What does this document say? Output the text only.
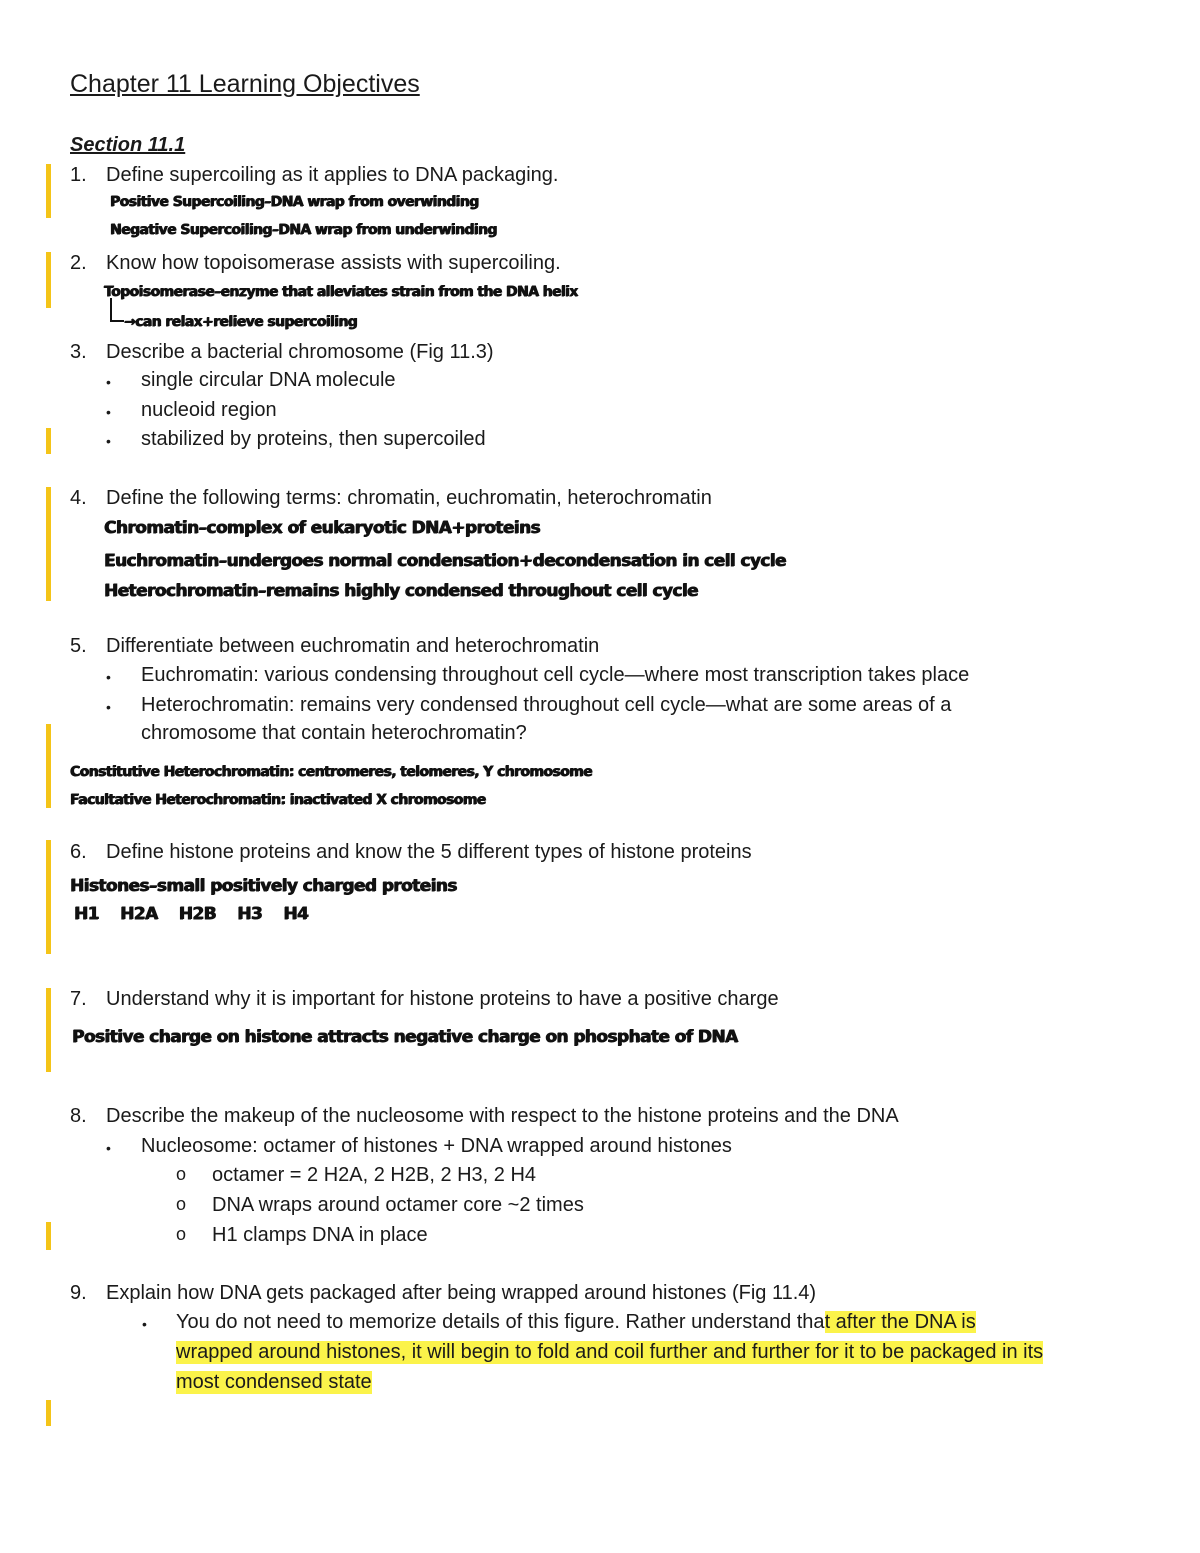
Chapter 11 Learning Objectives
Section 11.1
1. Define supercoiling as it applies to DNA packaging.
Positive Supercoiling–DNA wrap from overwinding
Negative Supercoiling–DNA wrap from underwinding
2. Know how topoisomerase assists with supercoiling.
Topoisomerase–enzyme that alleviates strain from the DNA helix
→can relax+relieve supercoiling
3. Describe a bacterial chromosome (Fig 11.3)
• single circular DNA molecule
• nucleoid region
• stabilized by proteins, then supercoiled
4. Define the following terms: chromatin, euchromatin, heterochromatin
Chromatin–complex of eukaryotic DNA+proteins
Euchromatin–undergoes normal condensation+decondensation in cell cycle
Heterochromatin–remains highly condensed throughout cell cycle
5. Differentiate between euchromatin and heterochromatin
• Euchromatin: various condensing throughout cell cycle—where most transcription takes place
• Heterochromatin: remains very condensed throughout cell cycle—what are some areas of a
chromosome that contain heterochromatin?
Constitutive Heterochromatin: centromeres, telomeres, Y chromosome
Facultative Heterochromatin: inactivated X chromosome
6. Define histone proteins and know the 5 different types of histone proteins
Histones–small positively charged proteins
H1    H2A    H2B    H3    H4
7. Understand why it is important for histone proteins to have a positive charge
Positive charge on histone attracts negative charge on phosphate of DNA
8. Describe the makeup of the nucleosome with respect to the histone proteins and the DNA
• Nucleosome: octamer of histones + DNA wrapped around histones
o octamer = 2 H2A, 2 H2B, 2 H3, 2 H4
o DNA wraps around octamer core ~2 times
o H1 clamps DNA in place
9. Explain how DNA gets packaged after being wrapped around histones (Fig 11.4)
• You do not need to memorize details of this figure. Rather understand that after the DNA is
wrapped around histones, it will begin to fold and coil further and further for it to be packaged in its
most condensed state
